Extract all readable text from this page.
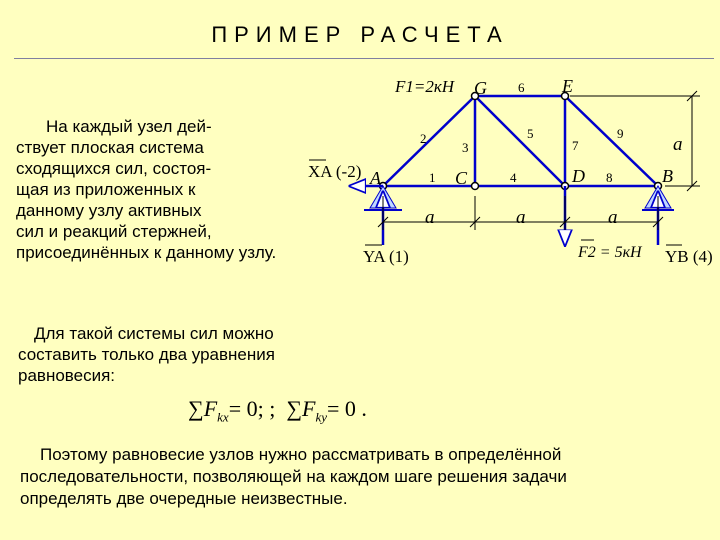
ПРИМЕР РАСЧЕТА
На каждый узел дей-
ствует плоская система
сходящихся сил, состоя-
щая из приложенных к
данному узлу активных
сил и реакций стержней,
присоединённых к данному узлу.
Для такой системы сил можно
составить только два уравнения
равновесия:
$\sum F_{kx}= 0$; ; $\sum F_{ky}= 0$ .
Поэтому равновесие узлов нужно рассматривать в определённой
последовательности, позволяющей на каждом шаге решения задачи
определять две очередные неизвестные.
F1=2кН G	E
A	C	D	B
XA (-2)
YA (1)	F2 = 5кН YB (4)
a	a	a
a
1
2
3
4
5
6
7
8
9
